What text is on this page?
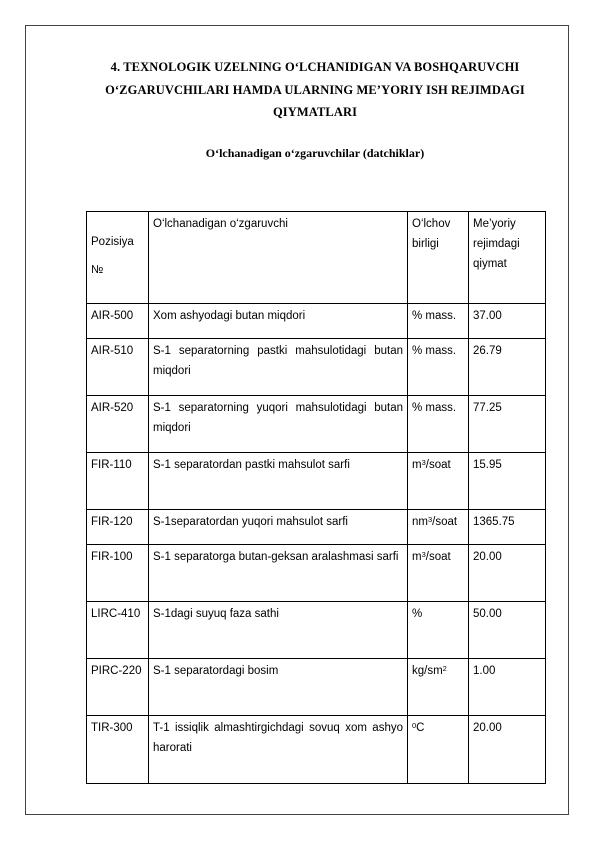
4. TEXNOLOGIK UZELNING O‘LCHANIDIGAN VA BOSHQARUVCHI O‘ZGARUVCHILARI HAMDA ULARNING ME’YORIY ISH REJIMDAGI QIYMATLARI
O‘lchanadigan o‘zgaruvchilar (datchiklar)
Pozisiya
№	O‘lchanadigan o‘zgaruvchi	O‘lchov birligi	Me’yoriy rejimdagi qiymat
AIR-500	Xom ashyodagi butan miqdori	% mass.	37.00
AIR-510	S-1 separatorning pastki mahsulotidagi butan miqdori	% mass.	26.79
AIR-520	S-1 separatorning yuqori mahsulotidagi butan miqdori	% mass.	77.25
FIR-110	S-1 separatordan pastki mahsulot sarfi	$m^3$/soat	15.95
FIR-120	S-1separatordan yuqori mahsulot sarfi	$nm^3$/soat	1365.75
FIR-100	S-1 separatorga butan-geksan aralashmasi sarfi	$m^3$/soat	20.00
LIRC-410	S-1dagi suyuq faza sathi	%	50.00
PIRC-220	S-1 separatordagi bosim	$kg/sm^2$	1.00
TIR-300	T-1 issiqlik almashtirgichdagi sovuq xom ashyo harorati	$^0$C	20.00
